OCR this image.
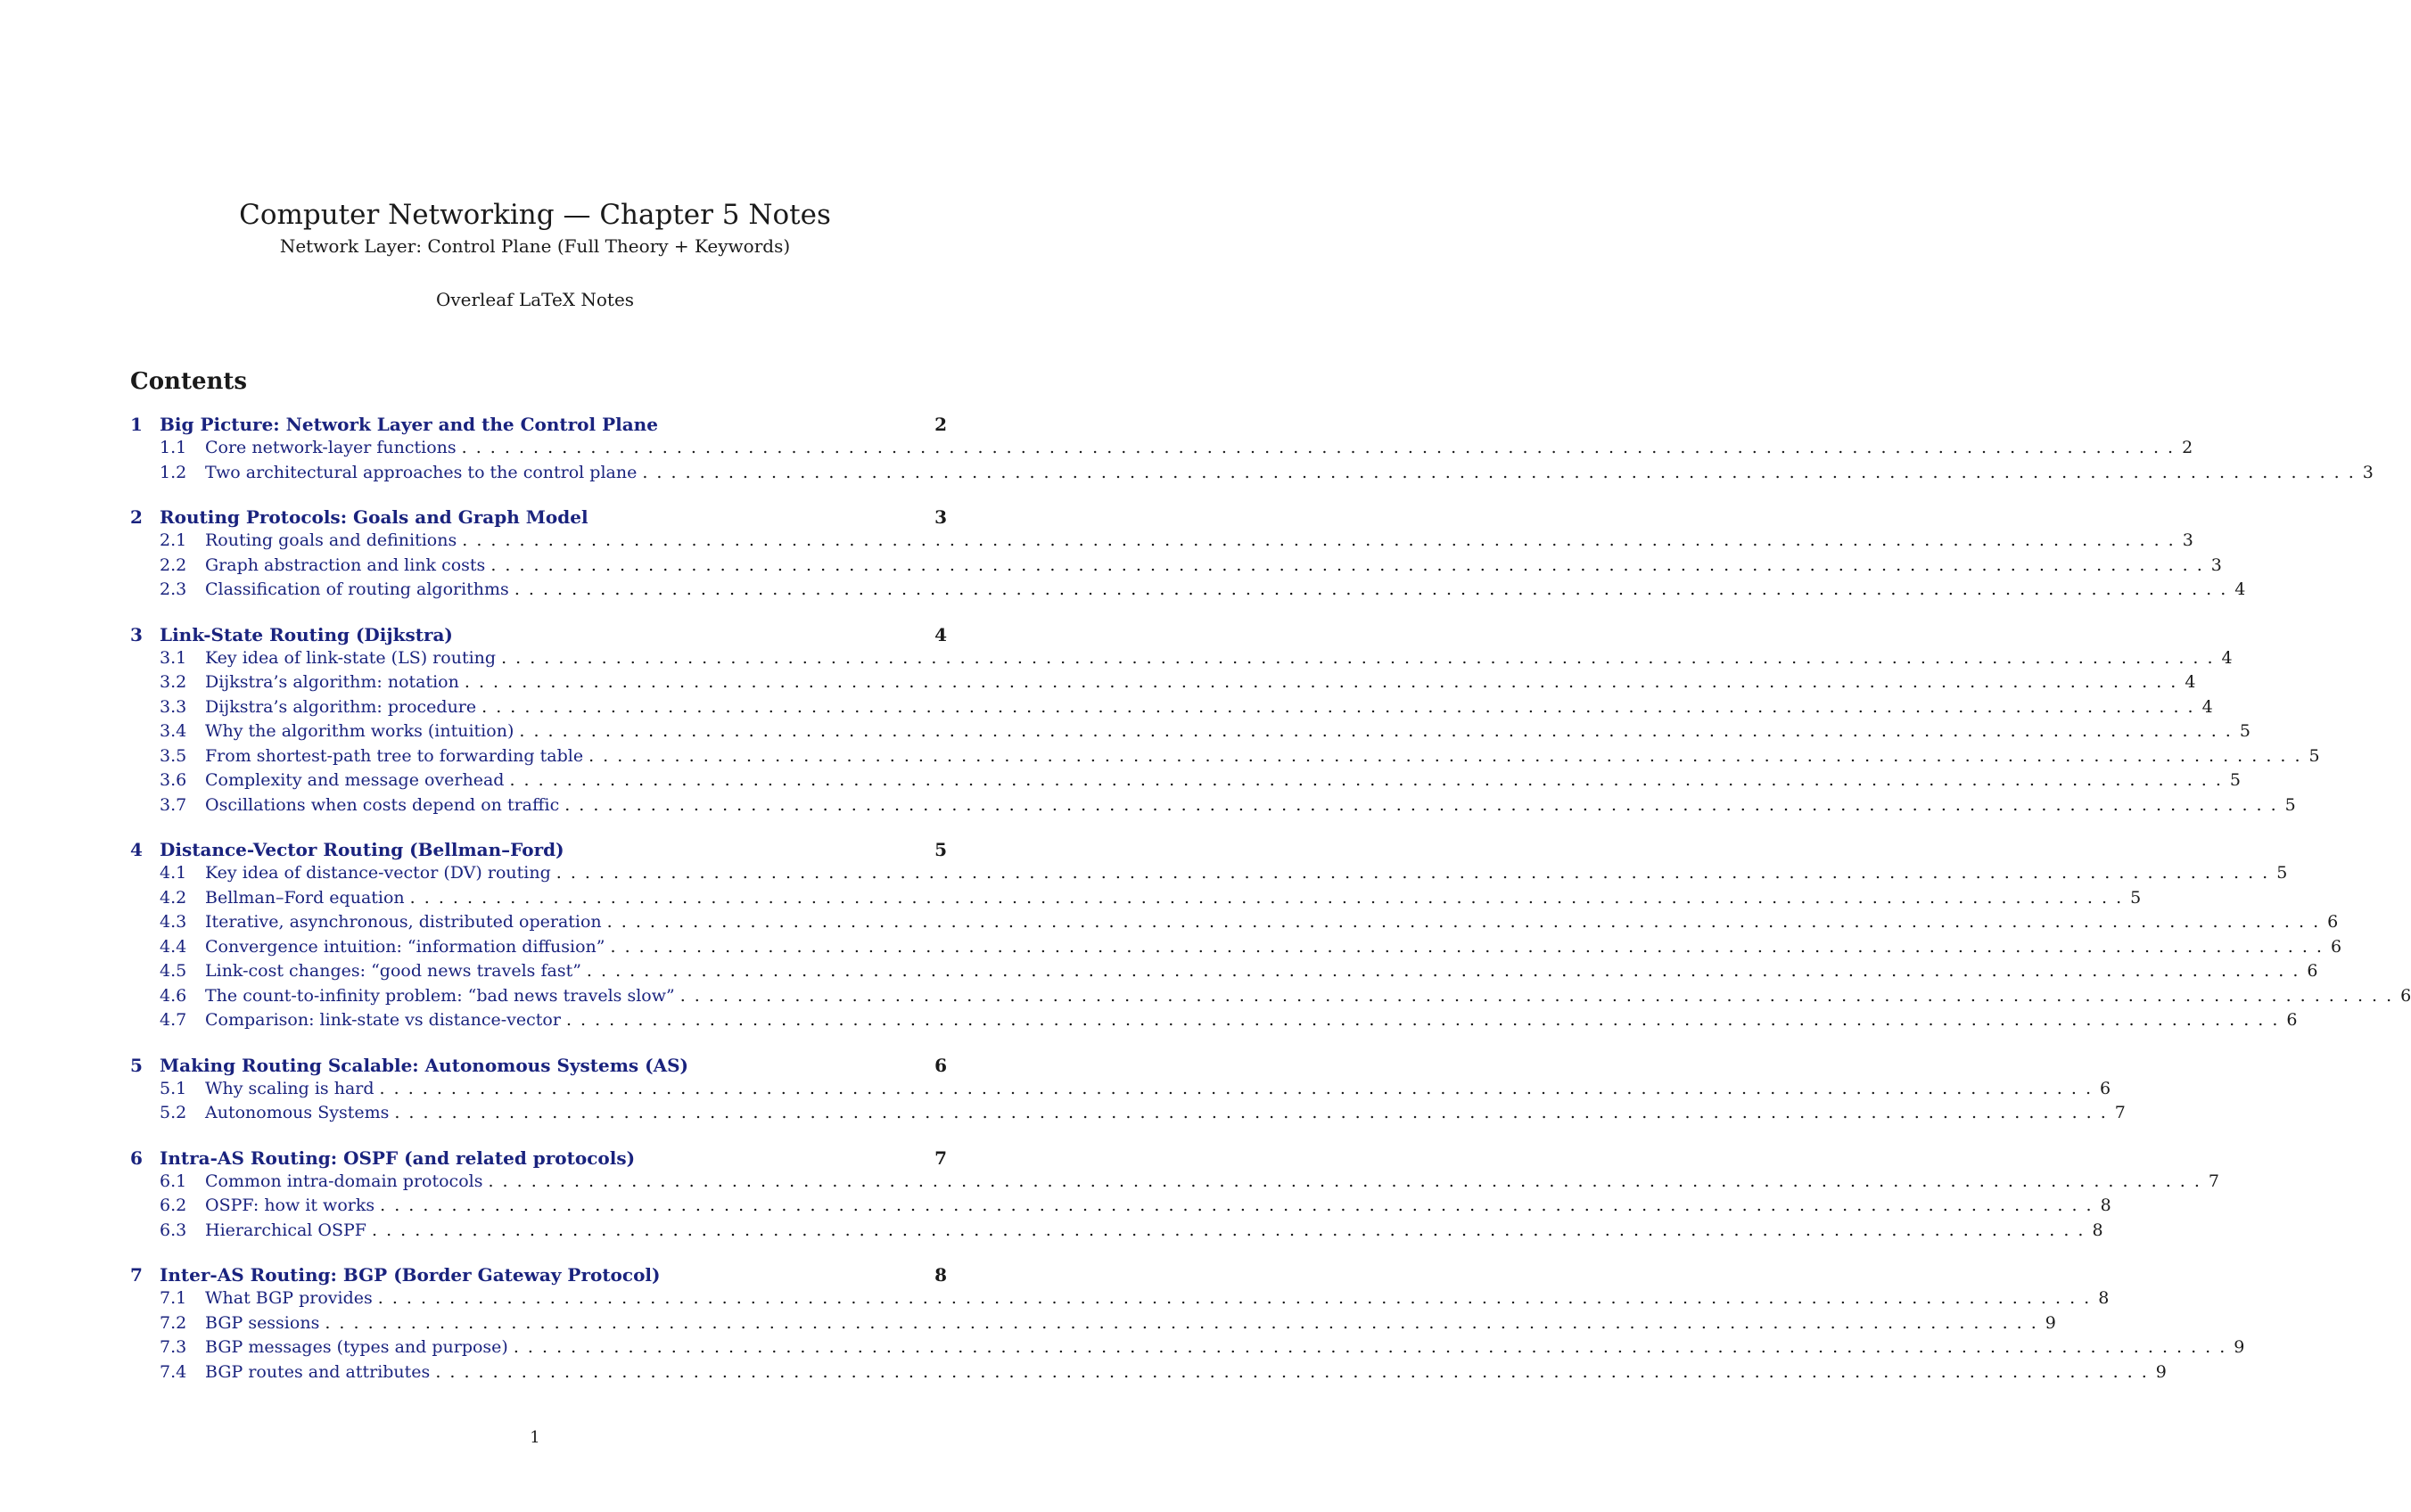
Computer Networking — Chapter 5 Notes
Network Layer: Control Plane (Full Theory + Keywords)
Overleaf LaTeX Notes
Contents
1 Big Picture: Network Layer and the Control Plane	2
1.1	Core network-layer functions . . . . . . . . . . . . . . . . . . . . . . . . . . . . . . . . . . . . . . . . . . . . . . . . . . . . . . . . . . . . . . . . . . . . . . . . . . . . . . . . . . . . . . . . . . . . . . . . . . . . . . . . . . . . . . . . . . . . . . . . 2
1.2	Two architectural approaches to the control plane . . . . . . . . . . . . . . . . . . . . . . . . . . . . . . . . . . . . . . . . . . . . . . . . . . . . . . . . . . . . . . . . . . . . . . . . . . . . . . . . . . . . . . . . . . . . . . . . . . . . . . . . . . . . . . . . . . . . . . . . 3
2 Routing Protocols: Goals and Graph Model	3
2.1	Routing goals and definitions . . . . . . . . . . . . . . . . . . . . . . . . . . . . . . . . . . . . . . . . . . . . . . . . . . . . . . . . . . . . . . . . . . . . . . . . . . . . . . . . . . . . . . . . . . . . . . . . . . . . . . . . . . . . . . . . . . . . . . . . 3
2.2	Graph abstraction and link costs . . . . . . . . . . . . . . . . . . . . . . . . . . . . . . . . . . . . . . . . . . . . . . . . . . . . . . . . . . . . . . . . . . . . . . . . . . . . . . . . . . . . . . . . . . . . . . . . . . . . . . . . . . . . . . . . . . . . . . . . 3
2.3	Classification of routing algorithms . . . . . . . . . . . . . . . . . . . . . . . . . . . . . . . . . . . . . . . . . . . . . . . . . . . . . . . . . . . . . . . . . . . . . . . . . . . . . . . . . . . . . . . . . . . . . . . . . . . . . . . . . . . . . . . . . . . . . . . . 4
3 Link-State Routing (Dijkstra)	4
3.1	Key idea of link-state (LS) routing . . . . . . . . . . . . . . . . . . . . . . . . . . . . . . . . . . . . . . . . . . . . . . . . . . . . . . . . . . . . . . . . . . . . . . . . . . . . . . . . . . . . . . . . . . . . . . . . . . . . . . . . . . . . . . . . . . . . . . . . 4
3.2	Dijkstra’s algorithm: notation . . . . . . . . . . . . . . . . . . . . . . . . . . . . . . . . . . . . . . . . . . . . . . . . . . . . . . . . . . . . . . . . . . . . . . . . . . . . . . . . . . . . . . . . . . . . . . . . . . . . . . . . . . . . . . . . . . . . . . . . 4
3.3	Dijkstra’s algorithm: procedure . . . . . . . . . . . . . . . . . . . . . . . . . . . . . . . . . . . . . . . . . . . . . . . . . . . . . . . . . . . . . . . . . . . . . . . . . . . . . . . . . . . . . . . . . . . . . . . . . . . . . . . . . . . . . . . . . . . . . . . . 4
3.4	Why the algorithm works (intuition) . . . . . . . . . . . . . . . . . . . . . . . . . . . . . . . . . . . . . . . . . . . . . . . . . . . . . . . . . . . . . . . . . . . . . . . . . . . . . . . . . . . . . . . . . . . . . . . . . . . . . . . . . . . . . . . . . . . . . . . . 5
3.5	From shortest-path tree to forwarding table . . . . . . . . . . . . . . . . . . . . . . . . . . . . . . . . . . . . . . . . . . . . . . . . . . . . . . . . . . . . . . . . . . . . . . . . . . . . . . . . . . . . . . . . . . . . . . . . . . . . . . . . . . . . . . . . . . . . . . . . 5
3.6	Complexity and message overhead . . . . . . . . . . . . . . . . . . . . . . . . . . . . . . . . . . . . . . . . . . . . . . . . . . . . . . . . . . . . . . . . . . . . . . . . . . . . . . . . . . . . . . . . . . . . . . . . . . . . . . . . . . . . . . . . . . . . . . . . 5
3.7	Oscillations when costs depend on traffic . . . . . . . . . . . . . . . . . . . . . . . . . . . . . . . . . . . . . . . . . . . . . . . . . . . . . . . . . . . . . . . . . . . . . . . . . . . . . . . . . . . . . . . . . . . . . . . . . . . . . . . . . . . . . . . . . . . . . . . . 5
4 Distance-Vector Routing (Bellman–Ford)	5
4.1	Key idea of distance-vector (DV) routing . . . . . . . . . . . . . . . . . . . . . . . . . . . . . . . . . . . . . . . . . . . . . . . . . . . . . . . . . . . . . . . . . . . . . . . . . . . . . . . . . . . . . . . . . . . . . . . . . . . . . . . . . . . . . . . . . . . . . . . . 5
4.2	Bellman–Ford equation . . . . . . . . . . . . . . . . . . . . . . . . . . . . . . . . . . . . . . . . . . . . . . . . . . . . . . . . . . . . . . . . . . . . . . . . . . . . . . . . . . . . . . . . . . . . . . . . . . . . . . . . . . . . . . . . . . . . . . . . 5
4.3	Iterative, asynchronous, distributed operation . . . . . . . . . . . . . . . . . . . . . . . . . . . . . . . . . . . . . . . . . . . . . . . . . . . . . . . . . . . . . . . . . . . . . . . . . . . . . . . . . . . . . . . . . . . . . . . . . . . . . . . . . . . . . . . . . . . . . . . . 6
4.4	Convergence intuition: “information diffusion” . . . . . . . . . . . . . . . . . . . . . . . . . . . . . . . . . . . . . . . . . . . . . . . . . . . . . . . . . . . . . . . . . . . . . . . . . . . . . . . . . . . . . . . . . . . . . . . . . . . . . . . . . . . . . . . . . . . . . . . . 6
4.5	Link-cost changes: “good news travels fast” . . . . . . . . . . . . . . . . . . . . . . . . . . . . . . . . . . . . . . . . . . . . . . . . . . . . . . . . . . . . . . . . . . . . . . . . . . . . . . . . . . . . . . . . . . . . . . . . . . . . . . . . . . . . . . . . . . . . . . . . 6
4.6	The count-to-infinity problem: “bad news travels slow” . . . . . . . . . . . . . . . . . . . . . . . . . . . . . . . . . . . . . . . . . . . . . . . . . . . . . . . . . . . . . . . . . . . . . . . . . . . . . . . . . . . . . . . . . . . . . . . . . . . . . . . . . . . . . . . . . . . . . . . . 6
4.7	Comparison: link-state vs distance-vector . . . . . . . . . . . . . . . . . . . . . . . . . . . . . . . . . . . . . . . . . . . . . . . . . . . . . . . . . . . . . . . . . . . . . . . . . . . . . . . . . . . . . . . . . . . . . . . . . . . . . . . . . . . . . . . . . . . . . . . . 6
5 Making Routing Scalable: Autonomous Systems (AS)	6
5.1	Why scaling is hard . . . . . . . . . . . . . . . . . . . . . . . . . . . . . . . . . . . . . . . . . . . . . . . . . . . . . . . . . . . . . . . . . . . . . . . . . . . . . . . . . . . . . . . . . . . . . . . . . . . . . . . . . . . . . . . . . . . . . . . . 6
5.2	Autonomous Systems . . . . . . . . . . . . . . . . . . . . . . . . . . . . . . . . . . . . . . . . . . . . . . . . . . . . . . . . . . . . . . . . . . . . . . . . . . . . . . . . . . . . . . . . . . . . . . . . . . . . . . . . . . . . . . . . . . . . . . . . 7
6 Intra-AS Routing: OSPF (and related protocols)	7
6.1	Common intra-domain protocols . . . . . . . . . . . . . . . . . . . . . . . . . . . . . . . . . . . . . . . . . . . . . . . . . . . . . . . . . . . . . . . . . . . . . . . . . . . . . . . . . . . . . . . . . . . . . . . . . . . . . . . . . . . . . . . . . . . . . . . . 7
6.2	OSPF: how it works . . . . . . . . . . . . . . . . . . . . . . . . . . . . . . . . . . . . . . . . . . . . . . . . . . . . . . . . . . . . . . . . . . . . . . . . . . . . . . . . . . . . . . . . . . . . . . . . . . . . . . . . . . . . . . . . . . . . . . . . 8
6.3	Hierarchical OSPF . . . . . . . . . . . . . . . . . . . . . . . . . . . . . . . . . . . . . . . . . . . . . . . . . . . . . . . . . . . . . . . . . . . . . . . . . . . . . . . . . . . . . . . . . . . . . . . . . . . . . . . . . . . . . . . . . . . . . . . . 8
7 Inter-AS Routing: BGP (Border Gateway Protocol)	8
7.1	What BGP provides . . . . . . . . . . . . . . . . . . . . . . . . . . . . . . . . . . . . . . . . . . . . . . . . . . . . . . . . . . . . . . . . . . . . . . . . . . . . . . . . . . . . . . . . . . . . . . . . . . . . . . . . . . . . . . . . . . . . . . . . 8
7.2	BGP sessions . . . . . . . . . . . . . . . . . . . . . . . . . . . . . . . . . . . . . . . . . . . . . . . . . . . . . . . . . . . . . . . . . . . . . . . . . . . . . . . . . . . . . . . . . . . . . . . . . . . . . . . . . . . . . . . . . . . . . . . . 9
7.3	BGP messages (types and purpose) . . . . . . . . . . . . . . . . . . . . . . . . . . . . . . . . . . . . . . . . . . . . . . . . . . . . . . . . . . . . . . . . . . . . . . . . . . . . . . . . . . . . . . . . . . . . . . . . . . . . . . . . . . . . . . . . . . . . . . . . 9
7.4	BGP routes and attributes . . . . . . . . . . . . . . . . . . . . . . . . . . . . . . . . . . . . . . . . . . . . . . . . . . . . . . . . . . . . . . . . . . . . . . . . . . . . . . . . . . . . . . . . . . . . . . . . . . . . . . . . . . . . . . . . . . . . . . . . 9
1
